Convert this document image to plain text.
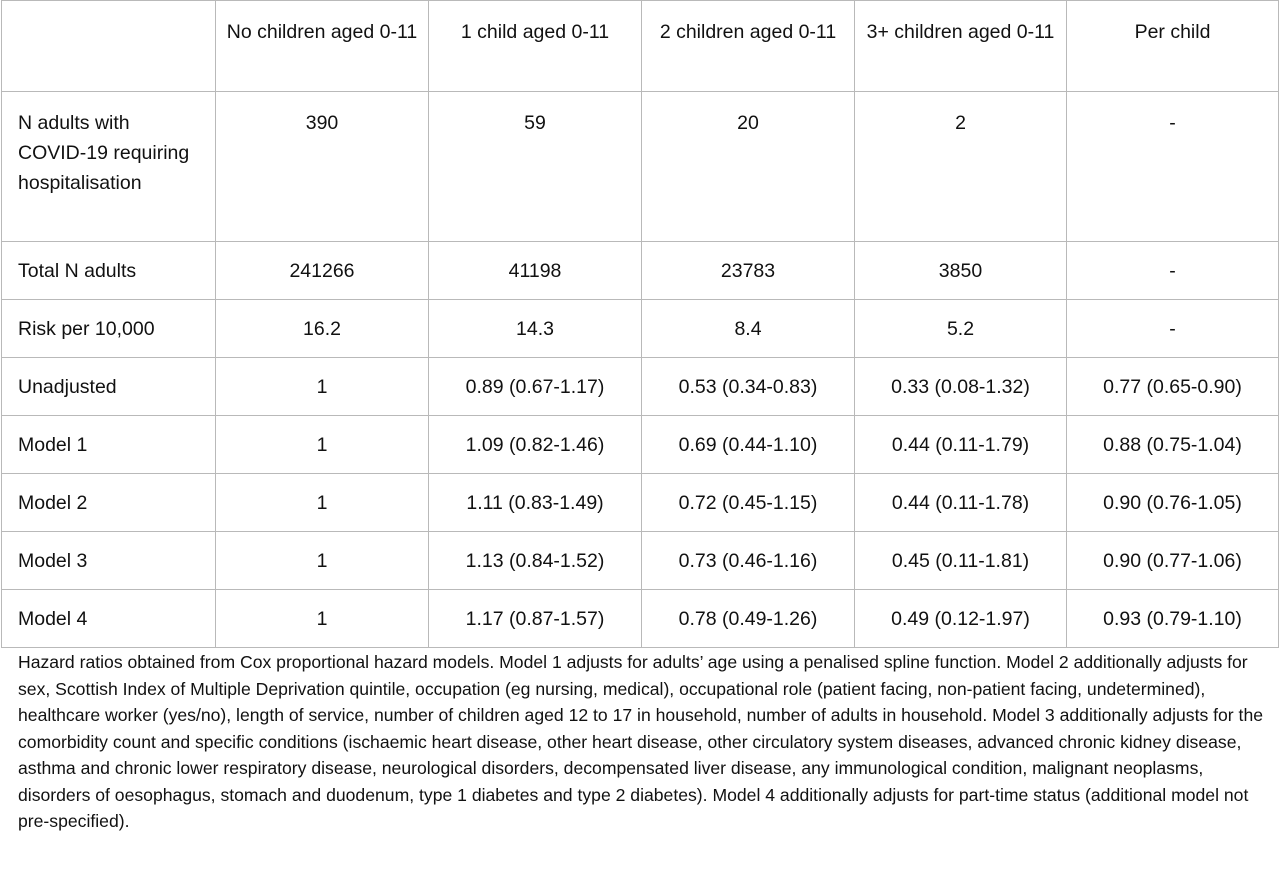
	No children aged 0-11	1 child aged 0-11	2 children aged 0-11	3+ children aged 0-11	Per child
N adults with COVID-19 requiring hospitalisation	390	59	20	2	-
Total N adults	241266	41198	23783	3850	-
Risk per 10,000	16.2	14.3	8.4	5.2	-
Unadjusted	1	0.89 (0.67-1.17)	0.53 (0.34-0.83)	0.33 (0.08-1.32)	0.77 (0.65-0.90)
Model 1	1	1.09 (0.82-1.46)	0.69 (0.44-1.10)	0.44 (0.11-1.79)	0.88 (0.75-1.04)
Model 2	1	1.11 (0.83-1.49)	0.72 (0.45-1.15)	0.44 (0.11-1.78)	0.90 (0.76-1.05)
Model 3	1	1.13 (0.84-1.52)	0.73 (0.46-1.16)	0.45 (0.11-1.81)	0.90 (0.77-1.06)
Model 4	1	1.17 (0.87-1.57)	0.78 (0.49-1.26)	0.49 (0.12-1.97)	0.93 (0.79-1.10)

Hazard ratios obtained from Cox proportional hazard models. Model 1 adjusts for adults’ age using a penalised spline function. Model 2 additionally adjusts for sex, Scottish Index of Multiple Deprivation quintile, occupation (eg nursing, medical), occupational role (patient facing, non-patient facing, undetermined), healthcare worker (yes/no), length of service, number of children aged 12 to 17 in household, number of adults in household. Model 3 additionally adjusts for the comorbidity count and specific conditions (ischaemic heart disease, other heart disease, other circulatory system diseases, advanced chronic kidney disease, asthma and chronic lower respiratory disease, neurological disorders, decompensated liver disease, any immunological condition, malignant neoplasms, disorders of oesophagus, stomach and duodenum, type 1 diabetes and type 2 diabetes). Model 4 additionally adjusts for part-time status (additional model not pre-specified).
